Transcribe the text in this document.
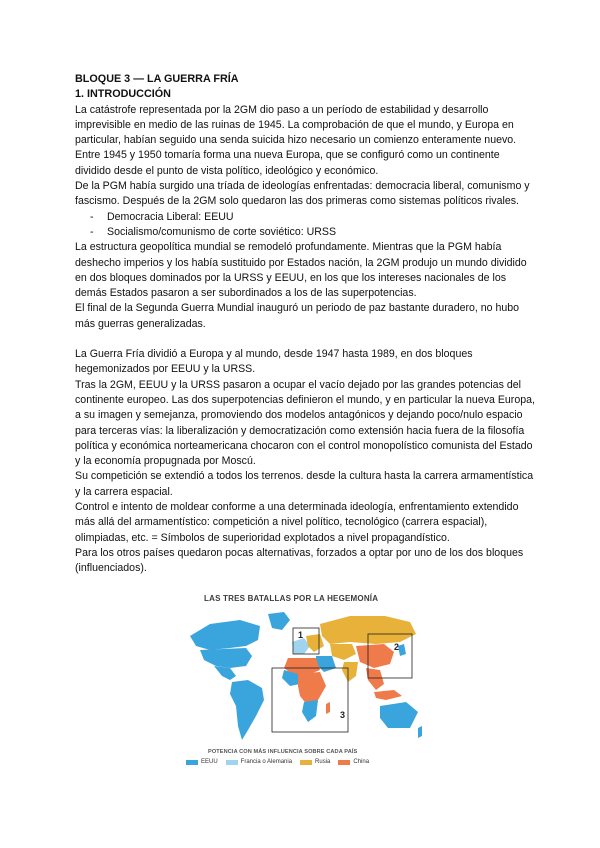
BLOQUE 3 — LA GUERRA FRÍA

1. INTRODUCCIÓN

La catástrofe representada por la 2GM dio paso a un período de estabilidad y desarrollo imprevisible en medio de las ruinas de 1945. La comprobación de que el mundo, y Europa en particular, habían seguido una senda suicida hizo necesario un comienzo enteramente nuevo.

Entre 1945 y 1950 tomaría forma una nueva Europa, que se configuró como un continente dividido desde el punto de vista político, ideológico y económico.

De la PGM había surgido una tríada de ideologías enfrentadas: democracia liberal, comunismo y fascismo. Después de la 2GM solo quedaron las dos primeras como sistemas políticos rivales.

- Democracia Liberal: EEUU
- Socialismo/comunismo de corte soviético: URSS

La estructura geopolítica mundial se remodeló profundamente. Mientras que la PGM había deshecho imperios y los había sustituido por Estados nación, la 2GM produjo un mundo dividido en dos bloques dominados por la URSS y EEUU, en los que los intereses nacionales de los demás Estados pasaron a ser subordinados a los de las superpotencias.

El final de la Segunda Guerra Mundial inauguró un periodo de paz bastante duradero, no hubo más guerras generalizadas.

La Guerra Fría dividió a Europa y al mundo, desde 1947 hasta 1989, en dos bloques hegemonizados por EEUU y la URSS.

Tras la 2GM, EEUU y la URSS pasaron a ocupar el vacío dejado por las grandes potencias del continente europeo. Las dos superpotencias definieron el mundo, y en particular la nueva Europa, a su imagen y semejanza, promoviendo dos modelos antagónicos y dejando poco/nulo espacio para terceras vías: la liberalización y democratización como extensión hacia fuera de la filosofía política y económica norteamericana chocaron con el control monopolístico comunista del Estado y la economía propugnada por Moscú.

Su competición se extendió a todos los terrenos. desde la cultura hasta la carrera armamentística y la carrera espacial.

Control e intento de moldear conforme a una determinada ideología, enfrentamiento extendido más allá del armamentístico: competición a nivel político, tecnológico (carrera espacial), olimpiadas, etc. = Símbolos de superioridad explotados a nivel propagandístico.

Para los otros países quedaron pocas alternativas, forzados a optar por uno de los dos bloques (influenciados).

LAS TRES BATALLAS POR LA HEGEMONÍA
1
2
3
POTENCIA CON MÁS INFLUENCIA SOBRE CADA PAÍS
EEUU	Francia o Alemania	Rusia	China
